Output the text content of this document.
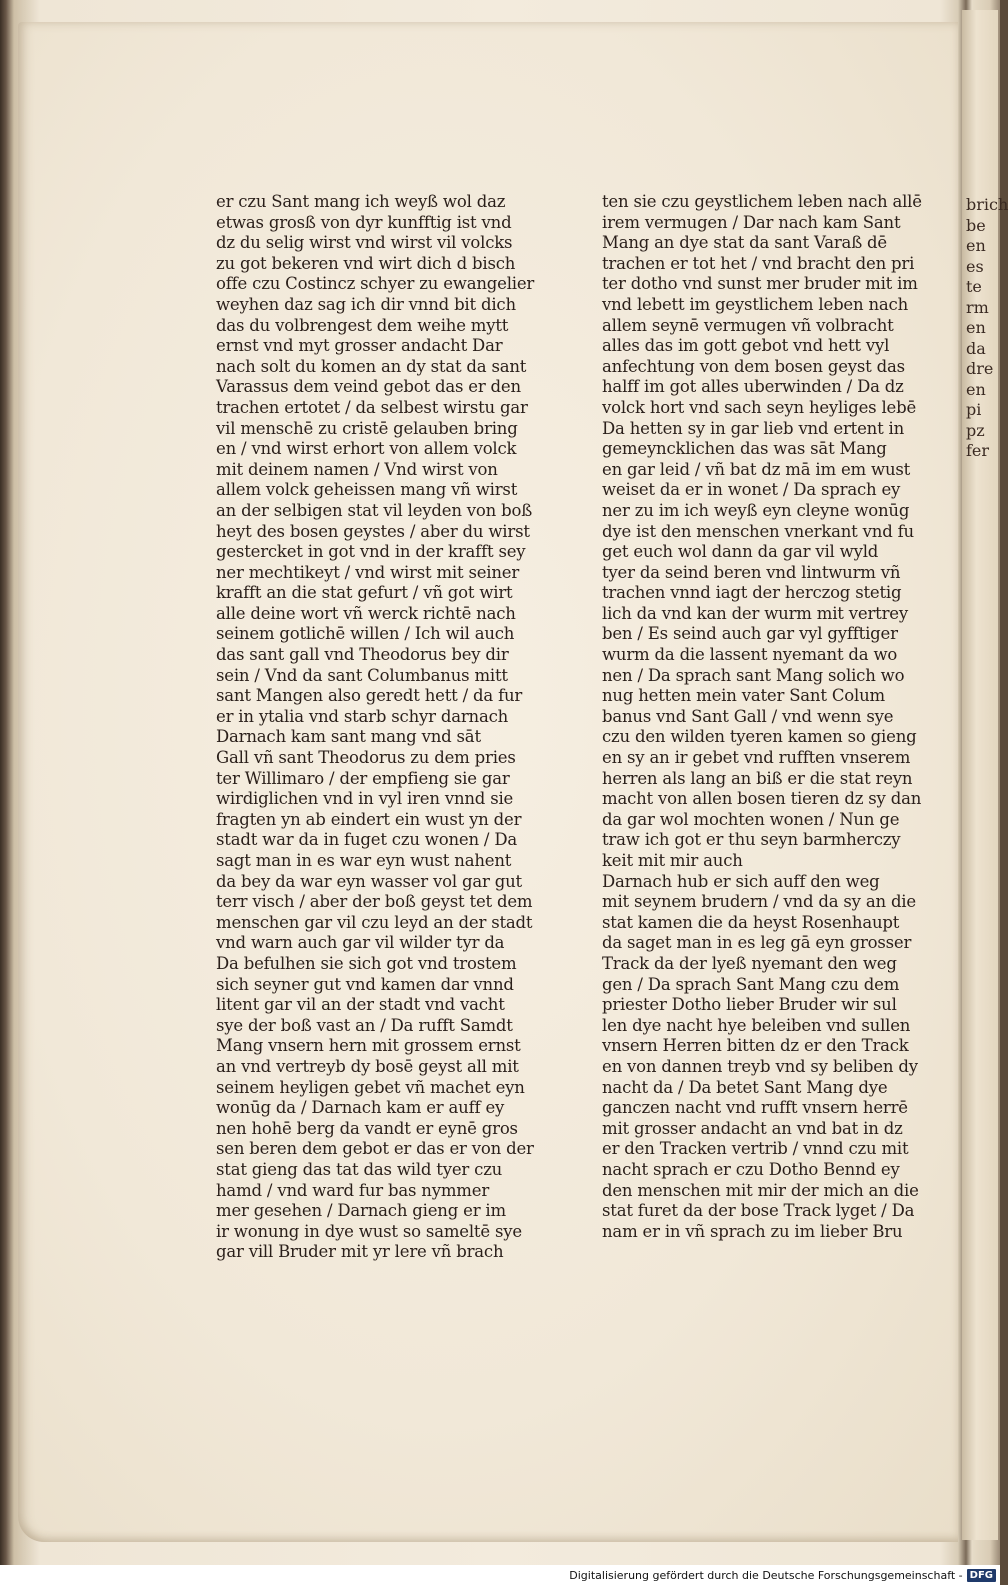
brich
be
en
es
te
rm
en
da
dre
en
pi
pz
fer

er czu Sant mang ich weyß wol daz

etwas grosß von dyr kunfftig ist vnd

dz du selig wirst vnd wirst vil volcks

zu got bekeren vnd wirt dich d bisch

offe czu Costincz schyer zu ewangelier

weyhen daz sag ich dir vnnd bit dich

das du volbrengest dem weihe mytt

ernst vnd myt grosser andacht Dar

nach solt du komen an dy stat da sant

Varassus dem veind gebot das er den

trachen ertotet / da selbest wirstu gar

vil menschē zu cristē gelauben bring

en / vnd wirst erhort von allem volck

mit deinem namen / Vnd wirst von

allem volck geheissen mang vñ wirst

an der selbigen stat vil leyden von boß

heyt des bosen geystes / aber du wirst

gestercket in got vnd in der krafft sey

ner mechtikeyt / vnd wirst mit seiner

krafft an die stat gefurt / vñ got wirt

alle deine wort vñ werck richtē nach

seinem gotlichē willen / Ich wil auch

das sant gall vnd Theodorus bey dir

sein / Vnd da sant Columbanus mitt

sant Mangen also geredt hett / da fur

er in ytalia vnd starb schyr darnach

Darnach kam sant mang vnd sāt

Gall vñ sant Theodorus zu dem pries

ter Willimaro / der empfieng sie gar

wirdiglichen vnd in vyl iren vnnd sie

fragten yn ab eindert ein wust yn der

stadt war da in fuget czu wonen / Da

sagt man in es war eyn wust nahent

da bey da war eyn wasser vol gar gut

terr visch / aber der boß geyst tet dem

menschen gar vil czu leyd an der stadt

vnd warn auch gar vil wilder tyr da

Da befulhen sie sich got vnd trostem

sich seyner gut vnd kamen dar vnnd

litent gar vil an der stadt vnd vacht

sye der boß vast an / Da rufft Samdt

Mang vnsern hern mit grossem ernst

an vnd vertreyb dy bosē geyst all mit

seinem heyligen gebet vñ machet eyn

wonūg da / Darnach kam er auff ey

nen hohē berg da vandt er eynē gros

sen beren dem gebot er das er von der

stat gieng das tat das wild tyer czu

hamd / vnd ward fur bas nymmer

mer gesehen / Darnach gieng er im

ir wonung in dye wust so sameltē sye

gar vill Bruder mit yr lere vñ brach

ten sie czu geystlichem leben nach allē

irem vermugen / Dar nach kam Sant

Mang an dye stat da sant Varaß dē

trachen er tot het / vnd bracht den pri

ter dotho vnd sunst mer bruder mit im

vnd lebett im geystlichem leben nach

allem seynē vermugen vñ volbracht

alles das im gott gebot vnd hett vyl

anfechtung von dem bosen geyst das

halff im got alles uberwinden / Da dz

volck hort vnd sach seyn heyliges lebē

Da hetten sy in gar lieb vnd ertent in

gemeyncklichen das was sāt Mang

en gar leid / vñ bat dz mā im em wust

weiset da er in wonet / Da sprach ey

ner zu im ich weyß eyn cleyne wonūg

dye ist den menschen vnerkant vnd fu

get euch wol dann da gar vil wyld

tyer da seind beren vnd lintwurm vñ

trachen vnnd iagt der herczog stetig

lich da vnd kan der wurm mit vertrey

ben / Es seind auch gar vyl gyfftiger

wurm da die lassent nyemant da wo

nen / Da sprach sant Mang solich wo

nug hetten mein vater Sant Colum

banus vnd Sant Gall / vnd wenn sye

czu den wilden tyeren kamen so gieng

en sy an ir gebet vnd rufften vnserem

herren als lang an biß er die stat reyn

macht von allen bosen tieren dz sy dan

da gar wol mochten wonen / Nun ge

traw ich got er thu seyn barmherczy

keit mit mir auch

Darnach hub er sich auff den weg

mit seynem brudern / vnd da sy an die

stat kamen die da heyst Rosenhaupt

da saget man in es leg gā eyn grosser

Track da der lyeß nyemant den weg

gen / Da sprach Sant Mang czu dem

priester Dotho lieber Bruder wir sul

len dye nacht hye beleiben vnd sullen

vnsern Herren bitten dz er den Track

en von dannen treyb vnd sy beliben dy

nacht da / Da betet Sant Mang dye

ganczen nacht vnd rufft vnsern herrē

mit grosser andacht an vnd bat in dz

er den Tracken vertrib / vnnd czu mit

nacht sprach er czu Dotho Bennd ey

den menschen mit mir der mich an die

stat furet da der bose Track lyget / Da

nam er in vñ sprach zu im lieber Bru

Digitalisierung gefördert durch die Deutsche Forschungsgemeinschaft - DFG
